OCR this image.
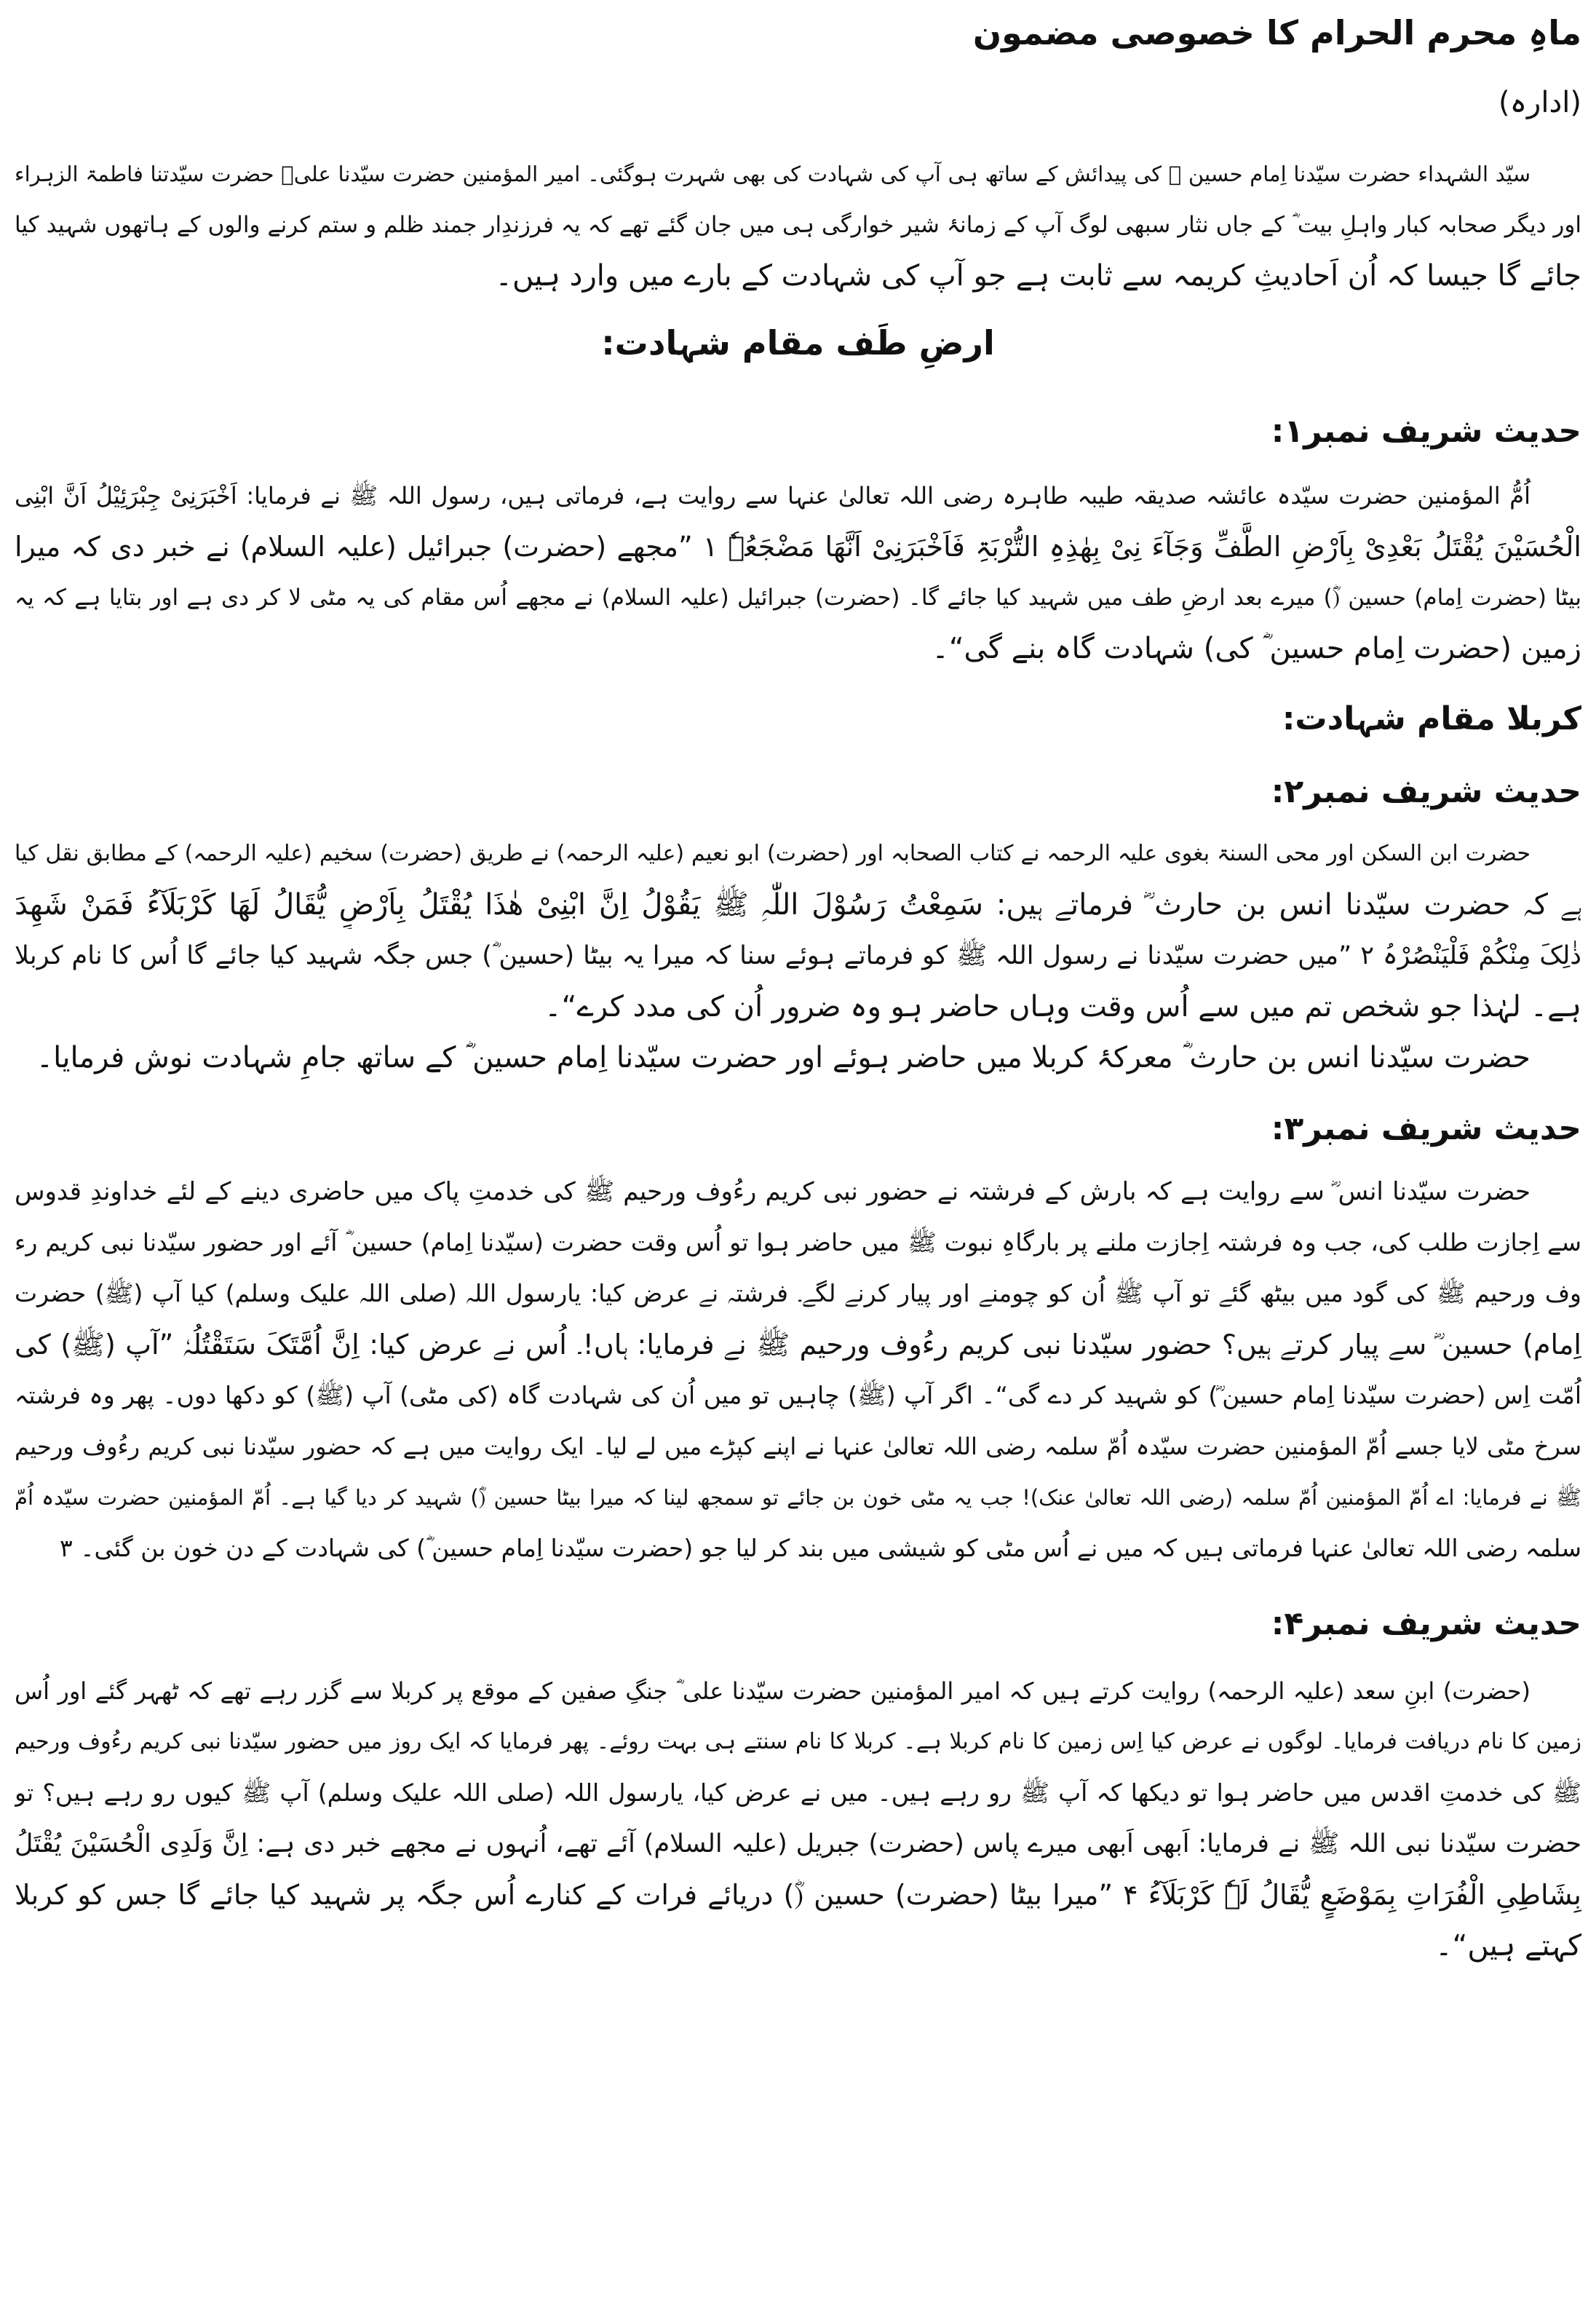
ماہِ محرم الحرام کا خصوصی مضمون
(ادارہ)
سیّد الشہداء حضرت سیّدنا اِمام حسین ؓ کی پیدائش کے ساتھ ہی آپ کی شہادت کی بھی شہرت ہوگئی۔ امیر المؤمنین حضرت سیّدنا علیؓ حضرت سیّدتنا فاطمۃ الزہراء
اور دیگر صحابہ کبار واہلِ بیت ؓ کے جاں نثار سبھی لوگ آپ کے زمانۂ شیر خوارگی ہی میں جان گئے تھے کہ یہ فرزندِار جمند ظلم و ستم کرنے والوں کے ہاتھوں شہید کیا
جائے گا جیسا کہ اُن اَحادیثِ کریمہ سے ثابت ہے جو آپ کی شہادت کے بارے میں وارد ہیں۔
ارضِ طَف مقام شہادت:
حدیث شریف نمبر۱:
اُمُّ المؤمنین حضرت سیّدہ عائشہ صدیقہ طیبہ طاہرہ رضی اللہ تعالیٰ عنہا سے روایت ہے، فرماتی ہیں، رسول اللہ ﷺ نے فرمایا: اَخْبَرَنِیْ جِبْرَئِیْلُ اَنَّ ابْنِی
الْحُسَیْنَ یُقْتَلُ بَعْدِیْ بِاَرْضِ الطَّفِّ وَجَآءَ نِیْ بِھٰذِہِ التُّرْبَۃِ فَاَخْبَرَنِیْ اَنَّھَا مَضْجَعُہٗ ۱ ”مجھے (حضرت) جبرائیل (علیہ السلام) نے خبر دی کہ میرا
بیٹا (حضرت اِمام) حسین (ؓ) میرے بعد ارضِ طف میں شہید کیا جائے گا۔ (حضرت) جبرائیل (علیہ السلام) نے مجھے اُس مقام کی یہ مٹی لا کر دی ہے اور بتایا ہے کہ یہ
زمین (حضرت اِمام حسین ؓ کی) شہادت گاہ بنے گی“۔
کربلا مقام شہادت:
حدیث شریف نمبر۲:
حضرت ابن السکن اور محی السنۃ بغوی علیہ الرحمہ نے کتاب الصحابہ اور (حضرت) ابو نعیم (علیہ الرحمہ) نے طریق (حضرت) سخیم (علیہ الرحمہ) کے مطابق نقل کیا
ہے کہ حضرت سیّدنا انس بن حارث ؓ فرماتے ہیں: سَمِعْتُ رَسُوْلَ اللّٰہِ ﷺ یَقُوْلُ اِنَّ ابْنِیْ ھٰذَا یُقْتَلُ بِاَرْضٍ یُّقَالُ لَھَا کَرْبَلَآءُ فَمَنْ شَھِدَ
ذٰلِکَ مِنْکُمْ فَلْیَنْصُرْہُ ۲ ”میں حضرت سیّدنا نے رسول اللہ ﷺ کو فرماتے ہوئے سنا کہ میرا یہ بیٹا (حسین ؓ) جس جگہ شہید کیا جائے گا اُس کا نام کربلا
ہے۔ لہٰذا جو شخص تم میں سے اُس وقت وہاں حاضر ہو وہ ضرور اُن کی مدد کرے“۔
حضرت سیّدنا انس بن حارث ؓ معرکۂ کربلا میں حاضر ہوئے اور حضرت سیّدنا اِمام حسین ؓ کے ساتھ جامِ شہادت نوش فرمایا۔
حدیث شریف نمبر۳:
حضرت سیّدنا انس ؓ سے روایت ہے کہ بارش کے فرشتہ نے حضور نبی کریم رءُوف ورحیم ﷺ کی خدمتِ پاک میں حاضری دینے کے لئے خداوندِ قدوس
سے اِجازت طلب کی، جب وہ فرشتہ اِجازت ملنے پر بارگاہِ نبوت ﷺ میں حاضر ہوا تو اُس وقت حضرت (سیّدنا اِمام) حسین ؓ آئے اور حضور سیّدنا نبی کریم رء
ُوف ورحیم ﷺ کی گود میں بیٹھ گئے تو آپ ﷺ اُن کو چومنے اور پیار کرنے لگے۔ فرشتہ نے عرض کیا: یارسول اللہ (صلی اللہ علیک وسلم) کیا آپ (ﷺ) حضرت
اِمام) حسین ؓ سے پیار کرتے ہیں؟ حضور سیّدنا نبی کریم رءُوف ورحیم ﷺ نے فرمایا: ہاں!۔ اُس نے عرض کیا: اِنَّ اُمَّتَکَ سَتَقْتُلُہٗ ”آپ (ﷺ) کی
اُمّت اِس (حضرت سیّدنا اِمام حسین ؓ) کو شہید کر دے گی“۔ اگر آپ (ﷺ) چاہیں تو میں اُن کی شہادت گاہ (کی مٹی) آپ (ﷺ) کو دکھا دوں۔ پھر وہ فرشتہ
سرخ مٹی لایا جسے اُمّ المؤمنین حضرت سیّدہ اُمّ سلمہ رضی اللہ تعالیٰ عنہا نے اپنے کپڑے میں لے لیا۔ ایک روایت میں ہے کہ حضور سیّدنا نبی کریم رءُوف ورحیم
ﷺ نے فرمایا: اے اُمّ المؤمنین اُمّ سلمہ (رضی اللہ تعالیٰ عنک)! جب یہ مٹی خون بن جائے تو سمجھ لینا کہ میرا بیٹا حسین (ؓ) شہید کر دیا گیا ہے۔ اُمّ المؤمنین حضرت سیّدہ اُمّ
سلمہ رضی اللہ تعالیٰ عنہا فرماتی ہیں کہ میں نے اُس مٹی کو شیشی میں بند کر لیا جو (حضرت سیّدنا اِمام حسین ؓ) کی شہادت کے دن خون بن گئی۔ ۳
حدیث شریف نمبر۴:
(حضرت) ابنِ سعد (علیہ الرحمہ) روایت کرتے ہیں کہ امیر المؤمنین حضرت سیّدنا علی ؓ جنگِ صفین کے موقع پر کربلا سے گزر رہے تھے کہ ٹھہر گئے اور اُس
زمین کا نام دریافت فرمایا۔ لوگوں نے عرض کیا اِس زمین کا نام کربلا ہے۔ کربلا کا نام سنتے ہی بہت روئے۔ پھر فرمایا کہ ایک روز میں حضور سیّدنا نبی کریم رءُوف ورحیم
ﷺ کی خدمتِ اقدس میں حاضر ہوا تو دیکھا کہ آپ ﷺ رو رہے ہیں۔ میں نے عرض کیا، یارسول اللہ (صلی اللہ علیک وسلم) آپ ﷺ کیوں رو رہے ہیں؟ تو
حضرت سیّدنا نبی اللہ ﷺ نے فرمایا: اَبھی اَبھی میرے پاس (حضرت) جبریل (علیہ السلام) آئے تھے، اُنہوں نے مجھے خبر دی ہے: اِنَّ وَلَدِی الْحُسَیْنَ یُقْتَلُ
بِشَاطِیِ الْفُرَاتِ بِمَوْضَعٍ یُّقَالُ لَہٗ کَرْبَلَآءُ ۴ ”میرا بیٹا (حضرت) حسین (ؓ) دریائے فرات کے کنارے اُس جگہ پر شہید کیا جائے گا جس کو کربلا
کہتے ہیں“۔
